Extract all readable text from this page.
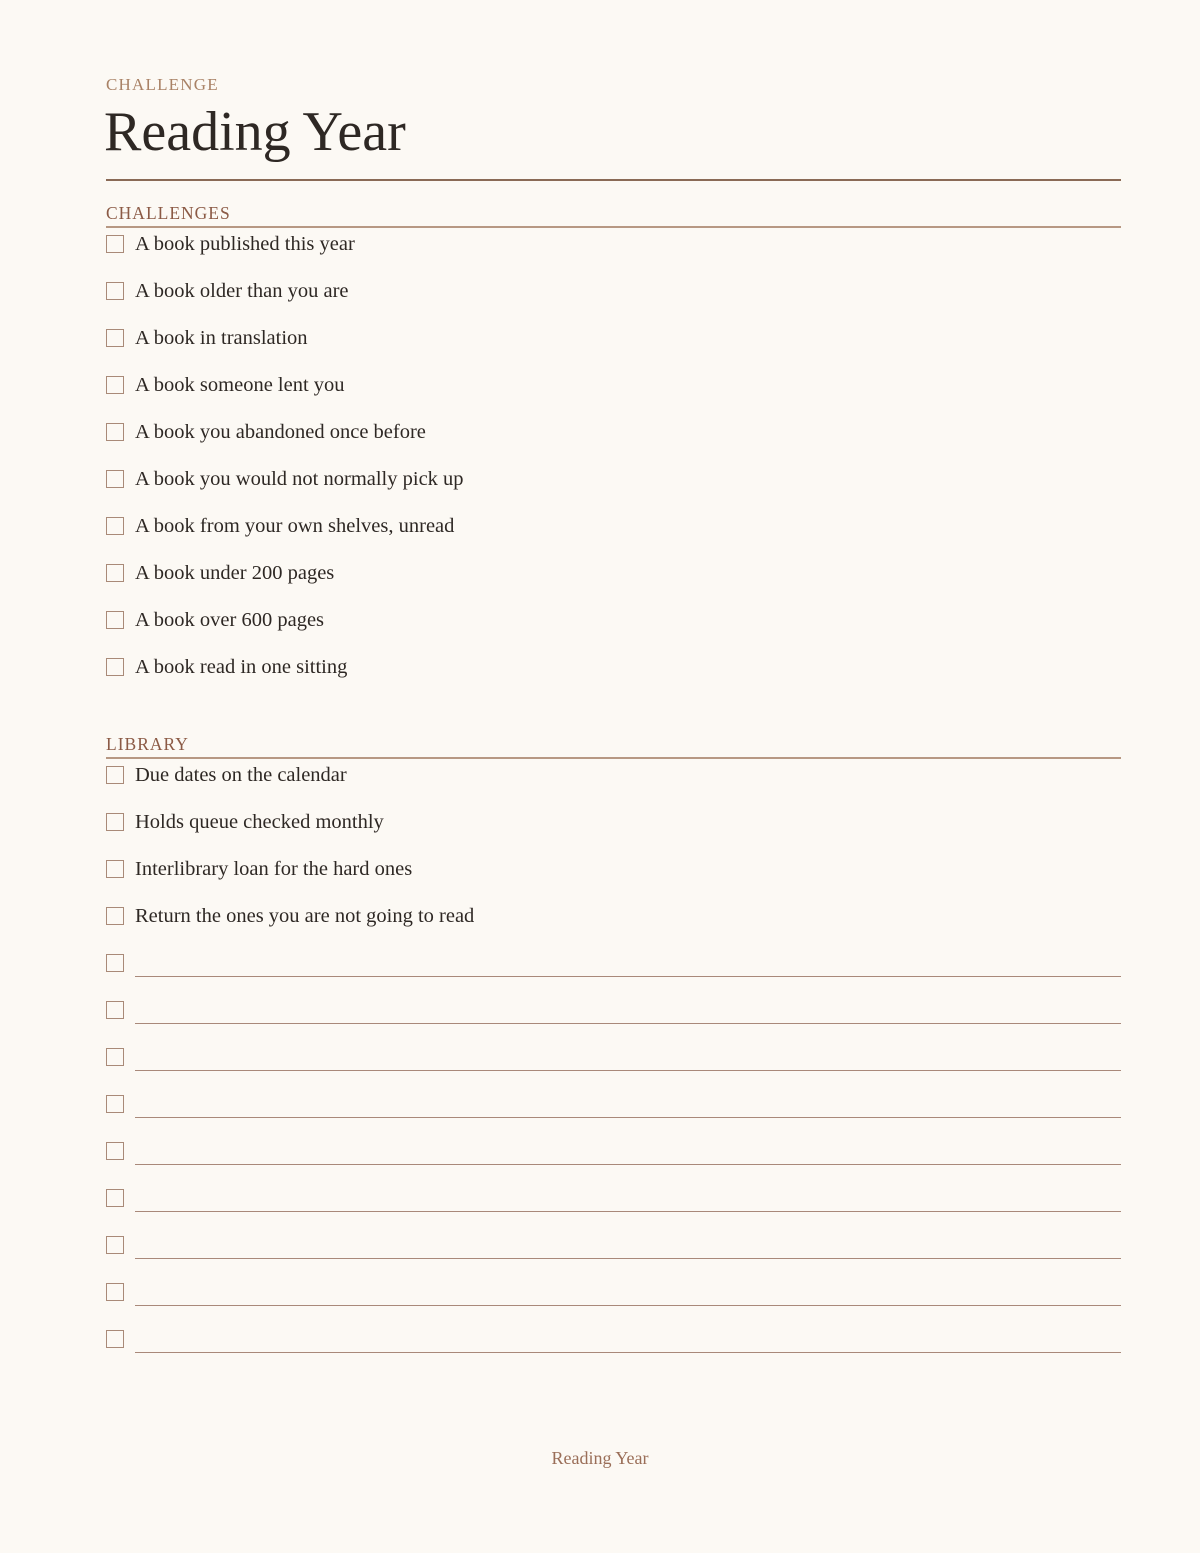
CHALLENGE
Reading Year
CHALLENGES
A book published this year
A book older than you are
A book in translation
A book someone lent you
A book you abandoned once before
A book you would not normally pick up
A book from your own shelves, unread
A book under 200 pages
A book over 600 pages
A book read in one sitting
LIBRARY
Due dates on the calendar
Holds queue checked monthly
Interlibrary loan for the hard ones
Return the ones you are not going to read
Reading Year
